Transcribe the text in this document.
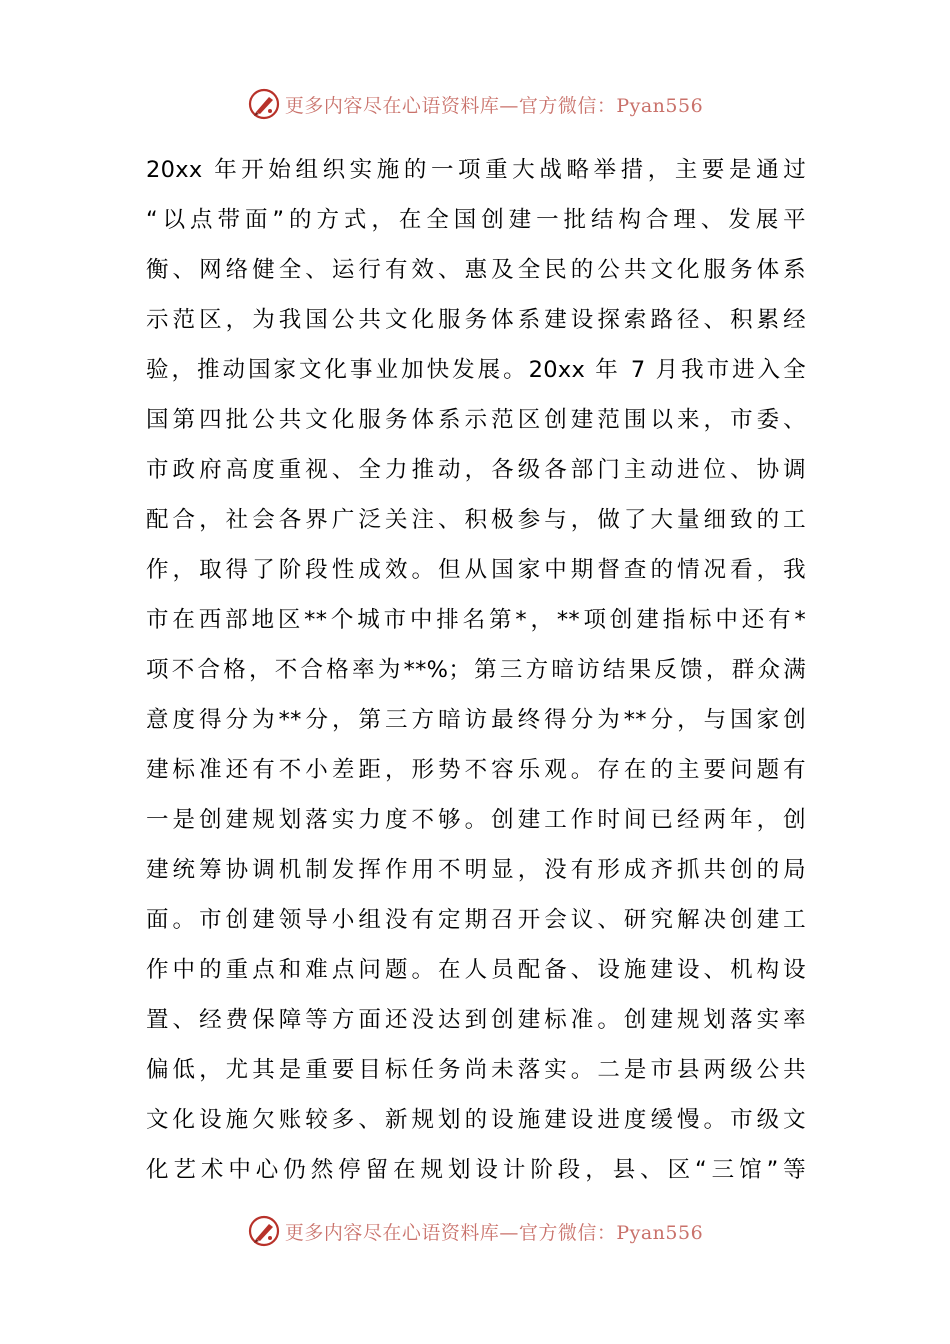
更多内容尽在心语资料库—官方微信：Pyan556
20xx 年开始组织实施的一项重大战略举措，主要是通过
“以点带面”的方式，在全国创建一批结构合理、发展平
衡、网络健全、运行有效、惠及全民的公共文化服务体系
示范区，为我国公共文化服务体系建设探索路径、积累经
验，推动国家文化事业加快发展。20xx 年 7 月我市进入全
国第四批公共文化服务体系示范区创建范围以来，市委、
市政府高度重视、全力推动，各级各部门主动进位、协调
配合，社会各界广泛关注、积极参与，做了大量细致的工
作，取得了阶段性成效。但从国家中期督查的情况看，我
市在西部地区**个城市中排名第*，**项创建指标中还有*
项不合格，不合格率为**%；第三方暗访结果反馈，群众满
意度得分为**分，第三方暗访最终得分为**分，与国家创
建标准还有不小差距，形势不容乐观。存在的主要问题有
一是创建规划落实力度不够。创建工作时间已经两年，创
建统筹协调机制发挥作用不明显，没有形成齐抓共创的局
面。市创建领导小组没有定期召开会议、研究解决创建工
作中的重点和难点问题。在人员配备、设施建设、机构设
置、经费保障等方面还没达到创建标准。创建规划落实率
偏低，尤其是重要目标任务尚未落实。二是市县两级公共
文化设施欠账较多、新规划的设施建设进度缓慢。市级文
化艺术中心仍然停留在规划设计阶段，县、区“三馆”等
更多内容尽在心语资料库—官方微信：Pyan556
